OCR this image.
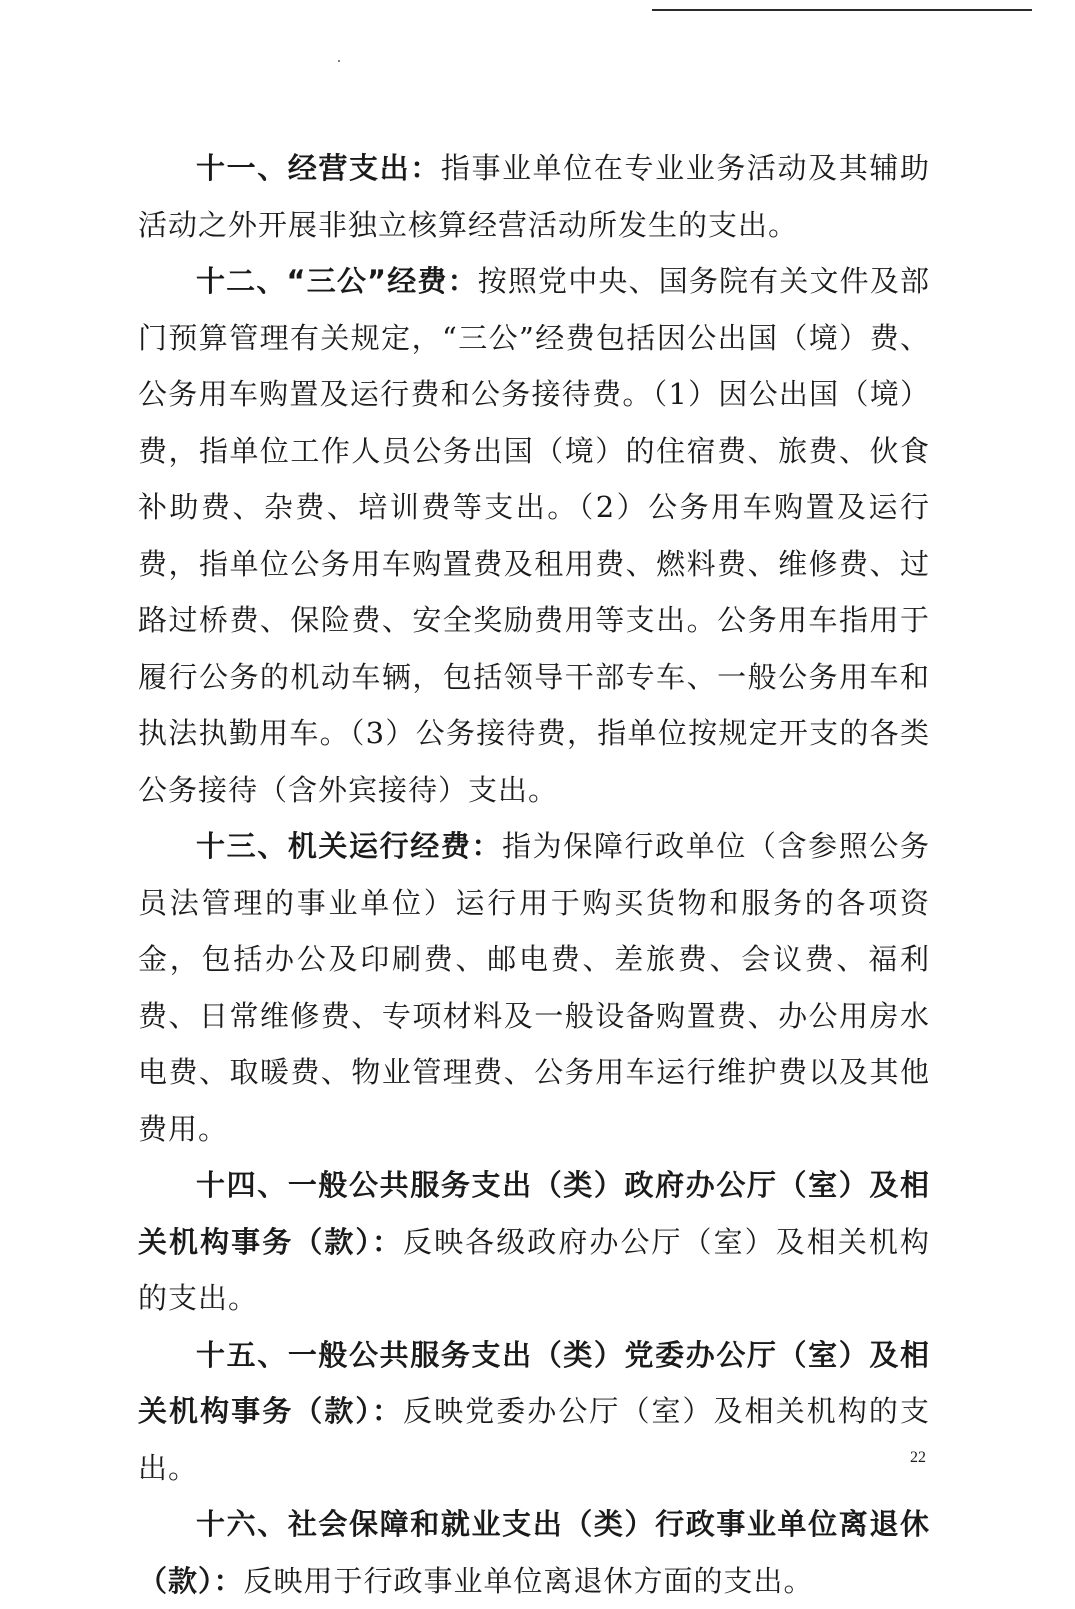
十一、经营支出：指事业单位在专业业务活动及其辅助活动之外开展非独立核算经营活动所发生的支出。

十二、“三公”经费：按照党中央、国务院有关文件及部门预算管理有关规定，“三公”经费包括因公出国（境）费、公务用车购置及运行费和公务接待费。（1）因公出国（境）费，指单位工作人员公务出国（境）的住宿费、旅费、伙食补助费、杂费、培训费等支出。（2）公务用车购置及运行费，指单位公务用车购置费及租用费、燃料费、维修费、过路过桥费、保险费、安全奖励费用等支出。公务用车指用于履行公务的机动车辆，包括领导干部专车、一般公务用车和执法执勤用车。（3）公务接待费，指单位按规定开支的各类公务接待（含外宾接待）支出。

十三、机关运行经费：指为保障行政单位（含参照公务员法管理的事业单位）运行用于购买货物和服务的各项资金，包括办公及印刷费、邮电费、差旅费、会议费、福利费、日常维修费、专项材料及一般设备购置费、办公用房水电费、取暖费、物业管理费、公务用车运行维护费以及其他费用。

十四、一般公共服务支出（类）政府办公厅（室）及相关机构事务（款）：反映各级政府办公厅（室）及相关机构的支出。

十五、一般公共服务支出（类）党委办公厅（室）及相关机构事务（款）：反映党委办公厅（室）及相关机构的支出。

十六、社会保障和就业支出（类）行政事业单位离退休（款）：反映用于行政事业单位离退休方面的支出。

22
